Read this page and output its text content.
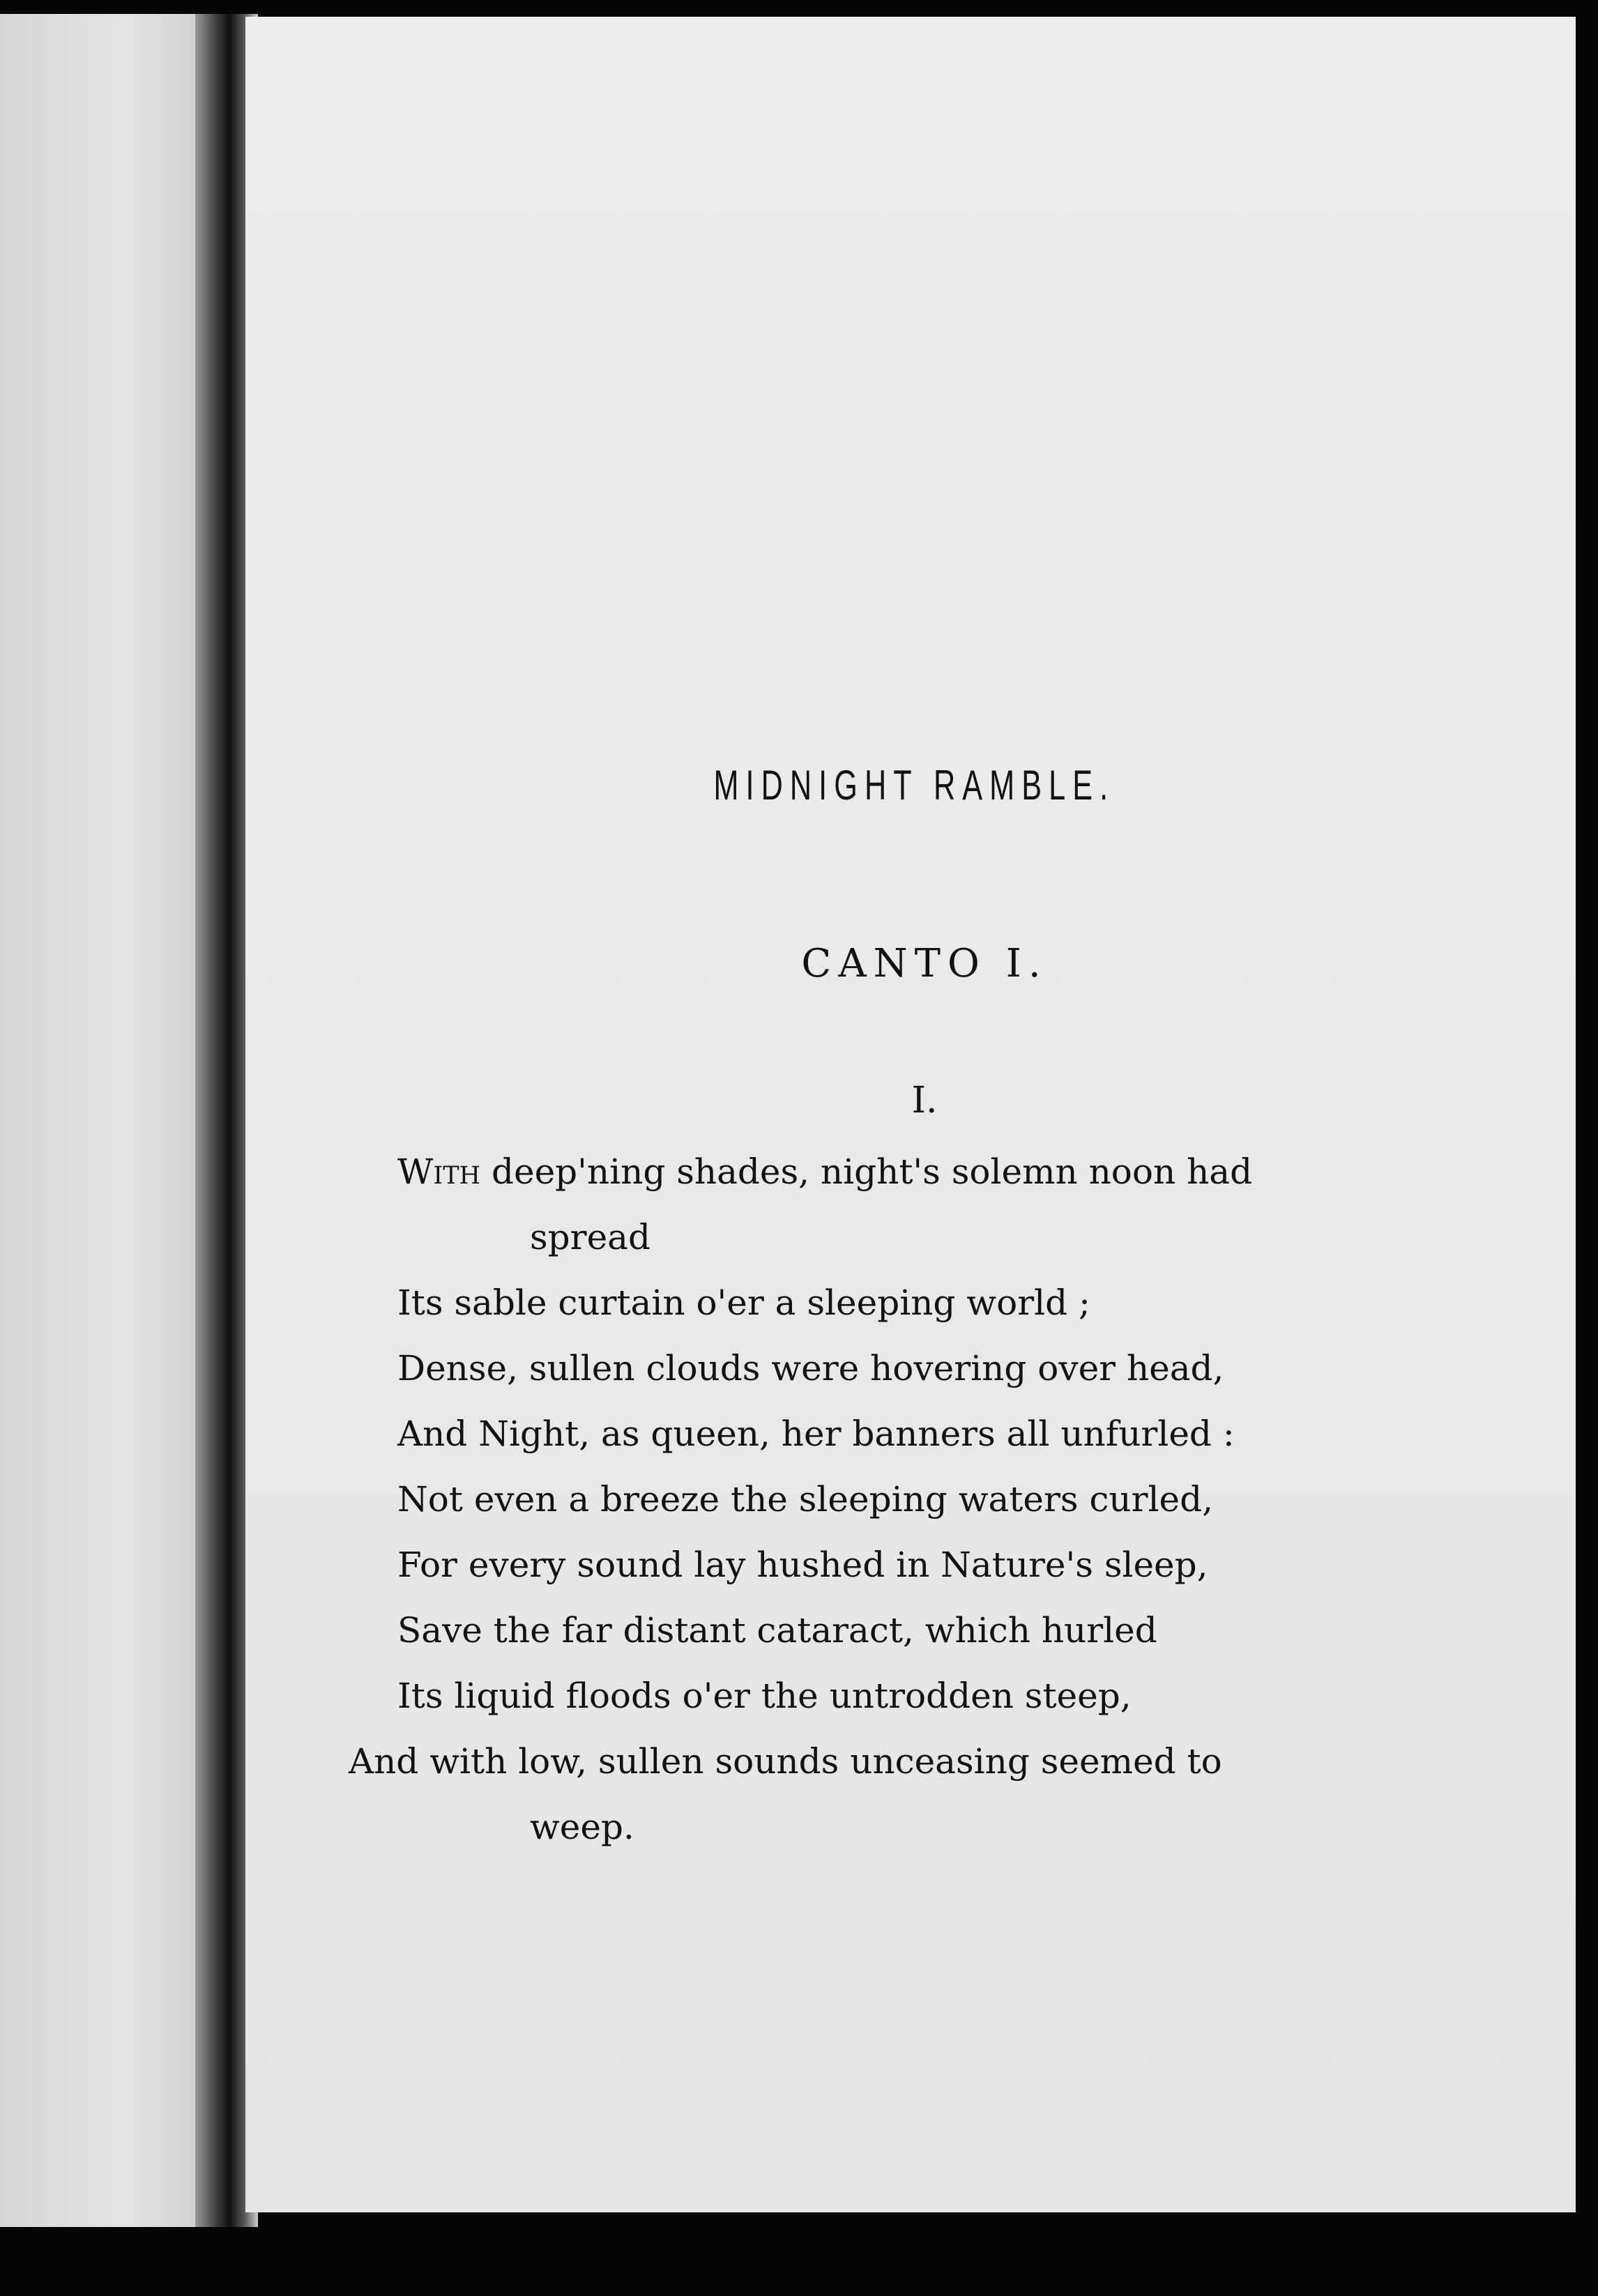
MIDNIGHT RAMBLE.
CANTO I.
I.
With deep'ning shades, night's solemn noon had
spread
Its sable curtain o'er a sleeping world ;
Dense, sullen clouds were hovering over head,
And Night, as queen, her banners all unfurled :
Not even a breeze the sleeping waters curled,
For every sound lay hushed in Nature's sleep,
Save the far distant cataract, which hurled
Its liquid floods o'er the untrodden steep,
And with low, sullen sounds unceasing seemed to
weep.
